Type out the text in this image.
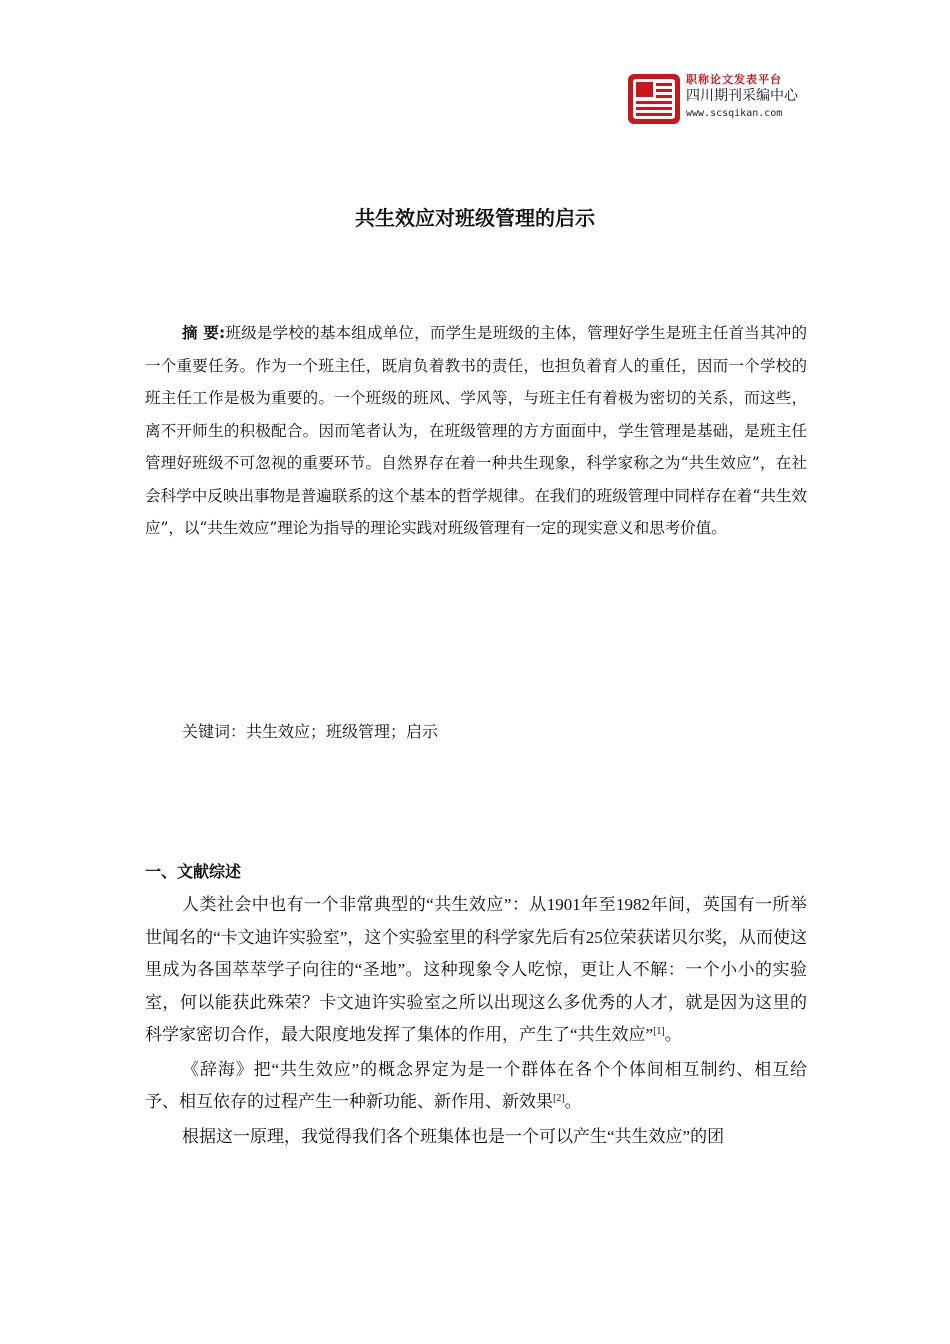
职称论文发表平台
四川期刊采编中心
www.scsqikan.com
共生效应对班级管理的启示

摘 要:班级是学校的基本组成单位，而学生是班级的主体，管理好学生是班主任首当其冲的一个重要任务。作为一个班主任，既肩负着教书的责任，也担负着育人的重任，因而一个学校的班主任工作是极为重要的。一个班级的班风、学风等，与班主任有着极为密切的关系，而这些，离不开师生的积极配合。因而笔者认为，在班级管理的方方面面中，学生管理是基础，是班主任管理好班级不可忽视的重要环节。自然界存在着一种共生现象，科学家称之为“共生效应”，在社会科学中反映出事物是普遍联系的这个基本的哲学规律。在我们的班级管理中同样存在着“共生效应”，以“共生效应”理论为指导的理论实践对班级管理有一定的现实意义和思考价值。

关键词：共生效应；班级管理；启示
一、文献综述

人类社会中也有一个非常典型的“共生效应”：从1901年至1982年间，英国有一所举世闻名的“卡文迪许实验室”，这个实验室里的科学家先后有25位荣获诺贝尔奖，从而使这里成为各国萃萃学子向往的“圣地”。这种现象令人吃惊，更让人不解：一个小小的实验室，何以能获此殊荣？卡文迪许实验室之所以出现这么多优秀的人才，就是因为这里的科学家密切合作，最大限度地发挥了集体的作用，产生了“共生效应”[1]。

《辞海》把“共生效应”的概念界定为是一个群体在各个个体间相互制约、相互给予、相互依存的过程产生一种新功能、新作用、新效果[2]。

根据这一原理，我觉得我们各个班集体也是一个可以产生“共生效应”的团
